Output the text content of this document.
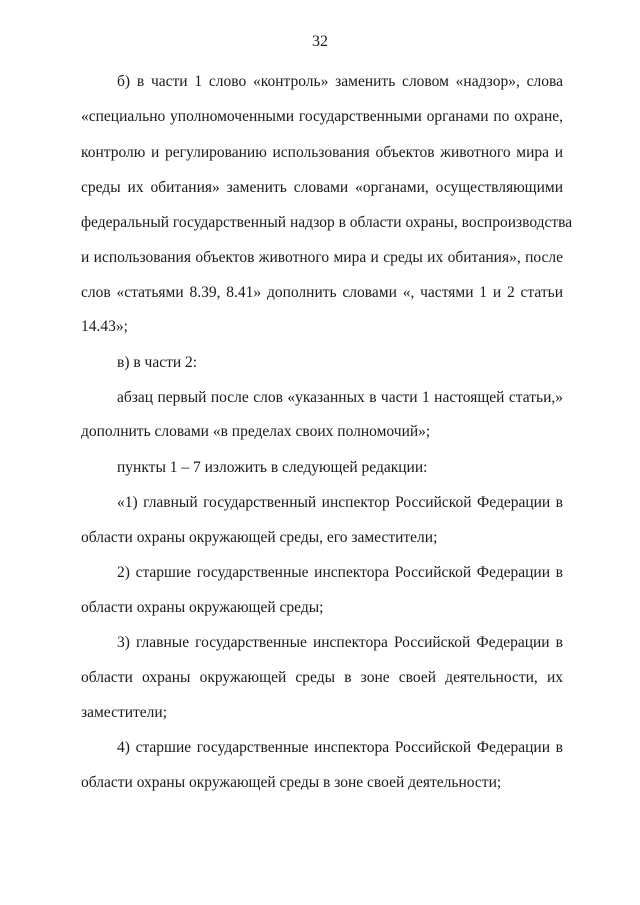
32
б) в части 1 слово «контроль» заменить словом «надзор», слова
«специально уполномоченными государственными органами по охране,
контролю и регулированию использования объектов животного мира и
среды их обитания» заменить словами «органами, осуществляющими
федеральный государственный надзор в области охраны, воспроизводства
и использования объектов животного мира и среды их обитания», после
слов «статьями 8.39, 8.41» дополнить словами «, частями 1 и 2 статьи
14.43»;
в) в части 2:
абзац первый после слов «указанных в части 1 настоящей статьи,»
дополнить словами «в пределах своих полномочий»;
пункты 1 – 7 изложить в следующей редакции:
«1) главный государственный инспектор Российской Федерации в
области охраны окружающей среды, его заместители;
2) старшие государственные инспектора Российской Федерации в
области охраны окружающей среды;
3) главные государственные инспектора Российской Федерации в
области охраны окружающей среды в зоне своей деятельности, их
заместители;
4) старшие государственные инспектора Российской Федерации в
области охраны окружающей среды в зоне своей деятельности;
